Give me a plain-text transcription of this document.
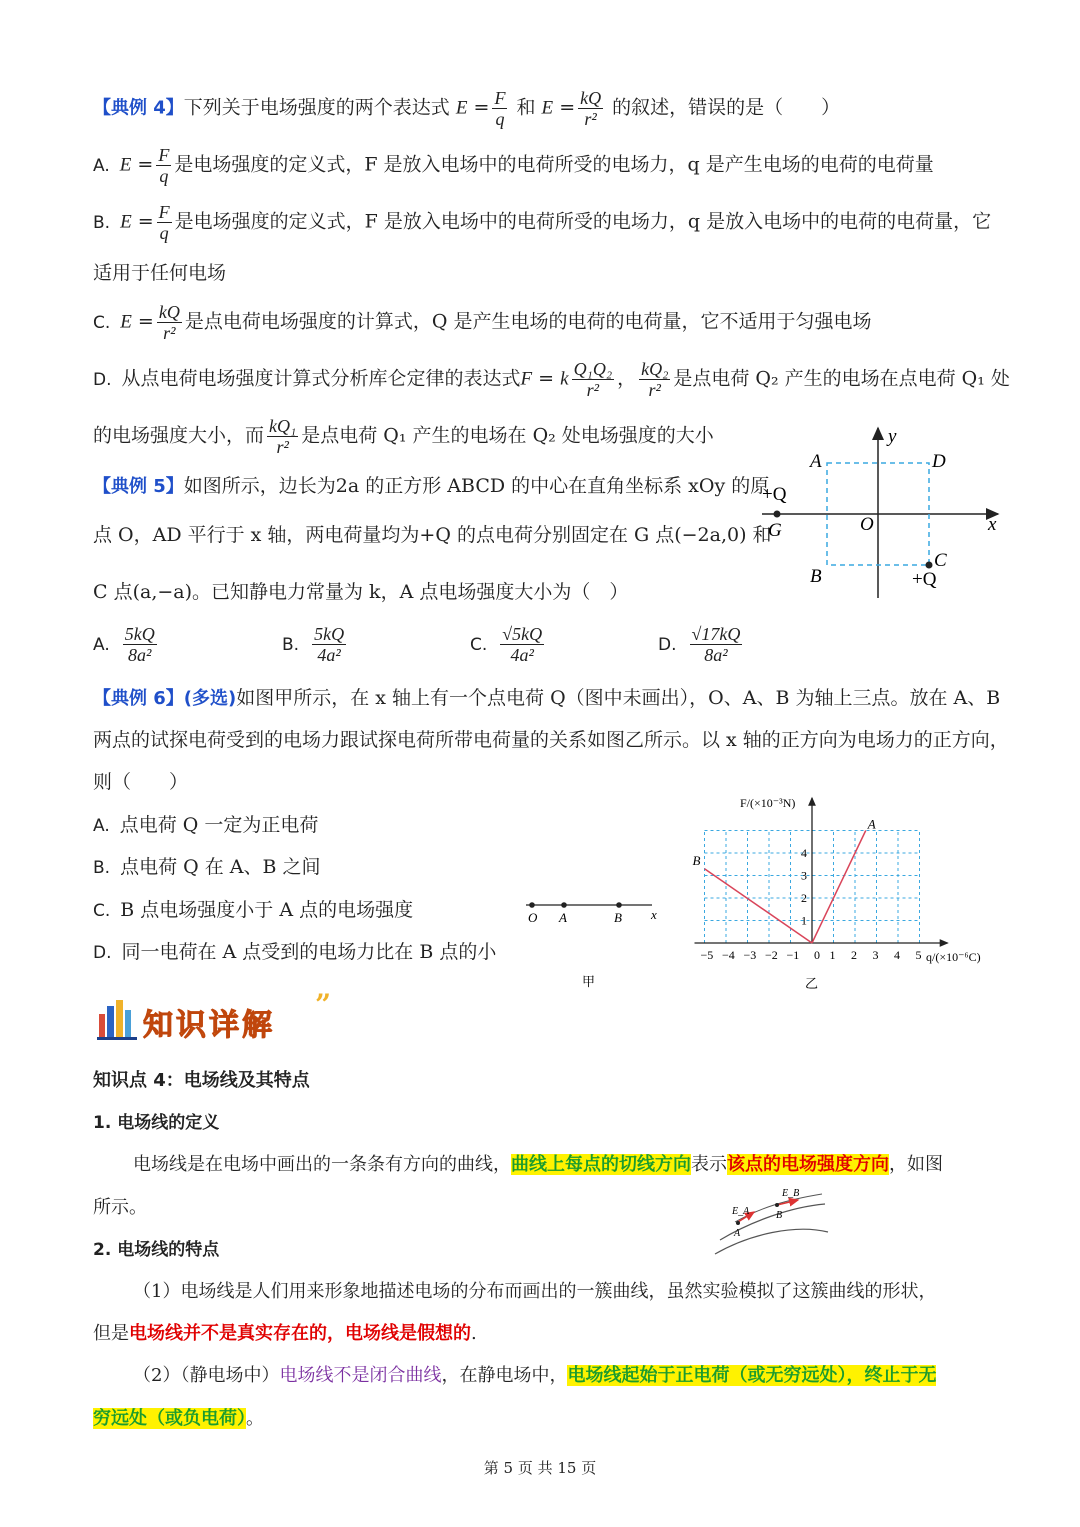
【典例 4】下列关于电场强度的两个表达式 $E = \frac{F}{q}$ 和 $E = \frac{kQ}{\text{r²}}$ 的叙述，错误的是（　　）
A. $E = \frac{F}{q}$ 是电场强度的定义式，F 是放入电场中的电荷所受的电场力，q 是产生电场的电荷的电荷量
B. $E = \frac{F}{q}$ 是电场强度的定义式，F 是放入电场中的电荷所受的电场力，q 是放入电场中的电荷的电荷量，它
适用于任何电场
C. $E = \frac{kQ}{\text{r²}}$ 是点电荷电场强度的计算式，Q 是产生电场的电荷的电荷量，它不适用于匀强电场
D. 从点电荷电场强度计算式分析库仑定律的表达式F = k $\frac{\text{Q₁Q₂}}{\text{r²}}$ ， $\frac{\text{kQ₂}}{\text{r²}}$ 是点电荷 Q₂ 产生的电场在点电荷 Q₁ 处
的电场强度大小，而 $\frac{\text{kQ₁}}{\text{r²}}$ 是点电荷 Q₁ 产生的电场在 Q₂ 处电场强度的大小
【典例 5】如图所示，边长为2a 的正方形 ABCD 的中心在直角坐标系 xOy 的原
点 O，AD 平行于 x 轴，两电荷量均为+Q 的点电荷分别固定在 G 点(−2a,0) 和
C 点(a,−a)。已知静电力常量为 k，A 点电场强度大小为（　）
A. $\frac{5kQ}{\text{8a²}}$	B. $\frac{5kQ}{\text{4a²}}$	C. $\frac{√5kQ}{\text{4a²}}$	D. $\frac{√17kQ}{\text{8a²}}$
y
x
A	D
B
C
O
G
+Q
+Q
【典例 6】(多选)如图甲所示，在 x 轴上有一个点电荷 Q（图中未画出），O、A、B 为轴上三点。放在 A、B
两点的试探电荷受到的电场力跟试探电荷所带电荷量的关系如图乙所示。以 x 轴的正方向为电场力的正方向，
则（　　）
A. 点电荷 Q 一定为正电荷
B. 点电荷 Q 在 A、B 之间
C. B 点电场强度小于 A 点的电场强度
D. 同一电荷在 A 点受到的电场力比在 B 点的小
O A	B x
甲
−5 −4 −3 −2 −1 0 1 2 3 4 5
1
2
3
4
A
B
F/(×10⁻³N)
q/(×10⁻⁶C)
乙
知识详解
”
知识点 4：电场线及其特点
1. 电场线的定义
电场线是在电场中画出的一条条有方向的曲线，曲线上每点的切线方向表示该点的电场强度方向，如图
所示。	E_A
E_B
A
B
2. 电场线的特点
（1）电场线是人们用来形象地描述电场的分布而画出的一簇曲线，虽然实验模拟了这簇曲线的形状，
但是电场线并不是真实存在的，电场线是假想的.
（2）（静电场中）电场线不是闭合曲线，在静电场中，电场线起始于正电荷（或无穷远处），终止于无
穷远处（或负电荷）。
第 5 页 共 15 页
